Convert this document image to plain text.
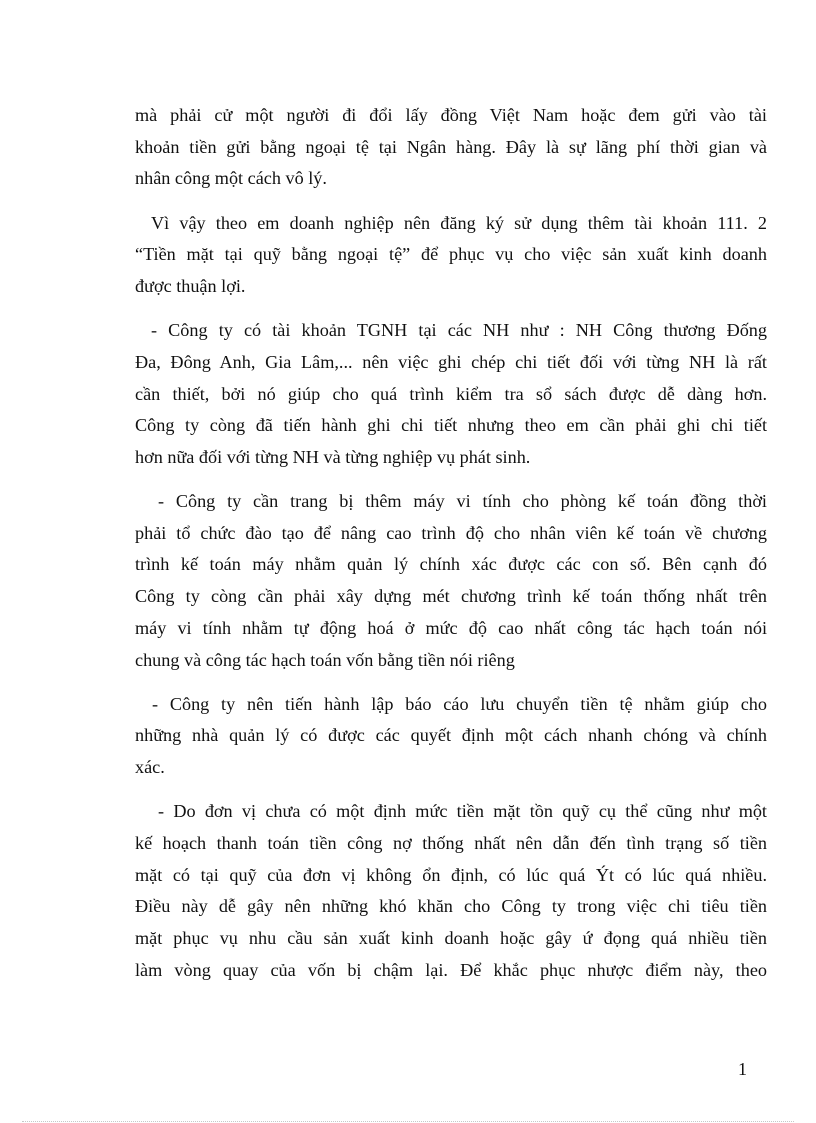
mà phải cử một người đi đổi lấy đồng Việt Nam hoặc đem gửi vào tài
khoản tiền gửi bằng ngoại tệ tại Ngân hàng. Đây là sự lãng phí thời gian và
nhân công một cách vô lý.
Vì vậy theo em doanh nghiệp nên đăng ký sử dụng thêm tài khoản 111. 2
“Tiền mặt tại quỹ bằng ngoại tệ” để phục vụ cho việc sản xuất kinh doanh
được thuận lợi.
- Công ty có tài khoản TGNH tại các NH như : NH Công thương Đống
Đa, Đông Anh, Gia Lâm,... nên việc ghi chép chi tiết đối với từng NH là rất
cần thiết, bởi nó giúp cho quá trình kiểm tra sổ sách được dễ dàng hơn.
Công ty còng đã tiến hành ghi chi tiết nhưng theo em cần phải ghi chi tiết
hơn nữa đối với từng NH và từng nghiệp vụ phát sinh.
- Công ty cần trang bị thêm máy vi tính cho phòng kế toán đồng thời
phải tổ chức đào tạo để nâng cao trình độ cho nhân viên kế toán về chương
trình kế toán máy nhằm quản lý chính xác được các con số. Bên cạnh đó
Công ty còng cần phải xây dựng mét chương trình kế toán thống nhất trên
máy vi tính nhằm tự động hoá ở mức độ cao nhất công tác hạch toán nói
chung và công tác hạch toán vốn bằng tiền nói riêng
- Công ty nên tiến hành lập báo cáo lưu chuyển tiền tệ nhằm giúp cho
những nhà quản lý có được các quyết định một cách nhanh chóng và chính
xác.
- Do đơn vị chưa có một định mức tiền mặt tồn quỹ cụ thể cũng như một
kế hoạch thanh toán tiền công nợ thống nhất nên dẫn đến tình trạng số tiền
mặt có tại quỹ của đơn vị không ổn định, có lúc quá Ýt có lúc quá nhiều.
Điều này dễ gây nên những khó khăn cho Công ty trong việc chi tiêu tiền
mặt phục vụ nhu cầu sản xuất kinh doanh hoặc gây ứ đọng quá nhiều tiền
làm vòng quay của vốn bị chậm lại. Để khắc phục nhược điểm này, theo
1
